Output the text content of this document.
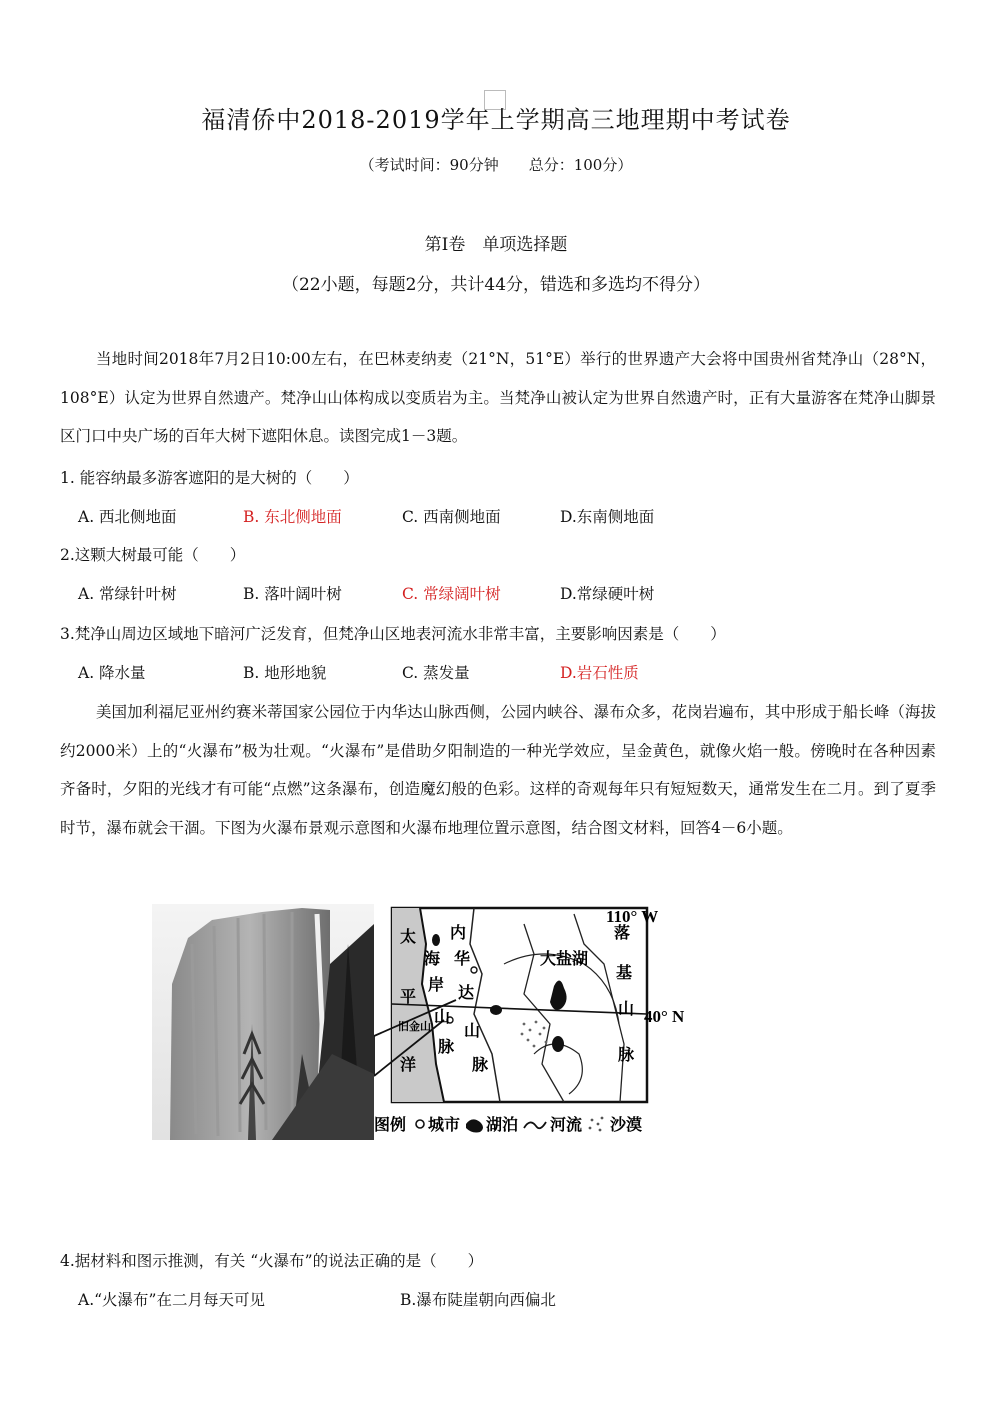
福清侨中2018-2019学年上学期高三地理期中考试卷
（考试时间：90分钟　　总分：100分）
第Ⅰ卷　单项选择题
（22小题，每题2分，共计44分，错选和多选均不得分）
当地时间2018年7月2日10:00左右，在巴林麦纳麦（21°N，51°E）举行的世界遗产大会将中国贵州省梵净山（28°N，108°E）认定为世界自然遗产。梵净山山体构成以变质岩为主。当梵净山被认定为世界自然遗产时，正有大量游客在梵净山脚景区门口中央广场的百年大树下遮阳休息。读图完成1－3题。
1. 能容纳最多游客遮阳的是大树的（　　）
A. 西北侧地面	B. 东北侧地面	C. 西南侧地面	D.东南侧地面
2.这颗大树最可能（　　）
A. 常绿针叶树	B. 落叶阔叶树	C. 常绿阔叶树	D.常绿硬叶树
3.梵净山周边区域地下暗河广泛发育，但梵净山区地表河流水非常丰富，主要影响因素是（　　）
A. 降水量	B. 地形地貌	C. 蒸发量	D.岩石性质
美国加利福尼亚州约赛米蒂国家公园位于内华达山脉西侧，公园内峡谷、瀑布众多，花岗岩遍布，其中形成于船长峰（海拔约2000米）上的“火瀑布”极为壮观。“火瀑布”是借助夕阳制造的一种光学效应，呈金黄色，就像火焰一般。傍晚时在各种因素齐备时，夕阳的光线才有可能“点燃”这条瀑布，创造魔幻般的色彩。这样的奇观每年只有短短数天，通常发生在二月。到了夏季时节，瀑布就会干涸。下图为火瀑布景观示意图和火瀑布地理位置示意图，结合图文材料，回答4－6小题。
太
平
洋
旧金山
海
岸
山
脉
内
华
达
山
脉
大盐湖
落
基
山
脉
110° W
40° N
图例 城市 湖泊 河流 沙漠
4.据材料和图示推测，有关 “火瀑布”的说法正确的是（　　）
A.“火瀑布”在二月每天可见	B.瀑布陡崖朝向西偏北
